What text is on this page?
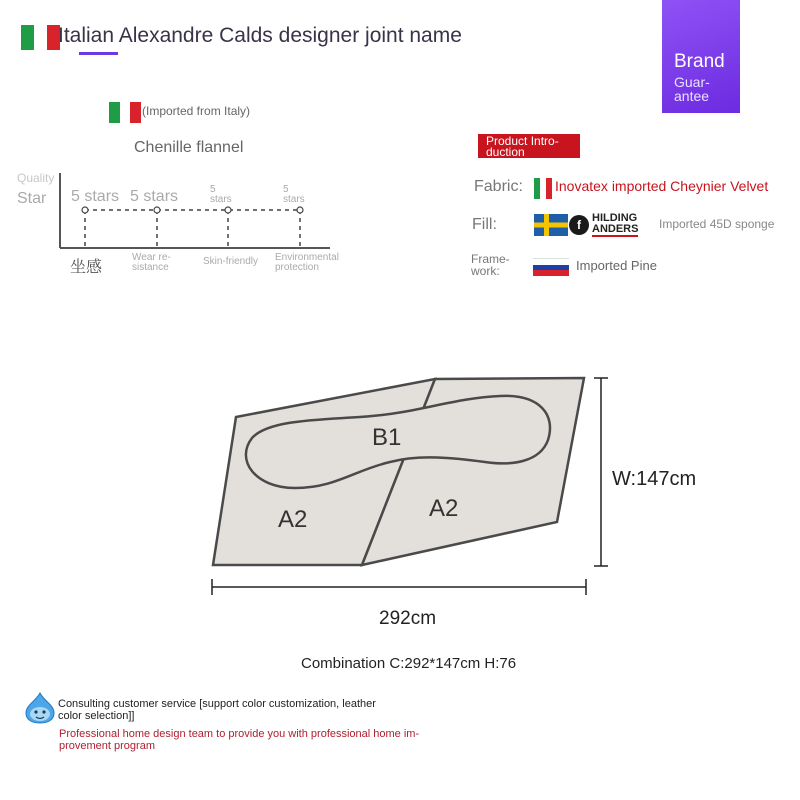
Italian Alexandre Calds designer joint name
Brand
Guar-
antee
(Imported from Italy)
Chenille flannel
Quality
Star 5 stars 5 stars	5
stars
5
stars
坐感
Wear re-
sistance
Skin-friendly Environmental
protection
Product Intro-
duction
Fabric: Inovatex imported Cheynier Velvet
Fill:	f	HILDING
ANDERS Imported 45D sponge
Frame-
work:	Imported Pine
B1
A2	A2
W:147cm
292cm
Combination C:292*147cm H:76
Consulting customer service [support color customization, leather color selection]]
Professional home design team to provide you with professional home im- provement program
